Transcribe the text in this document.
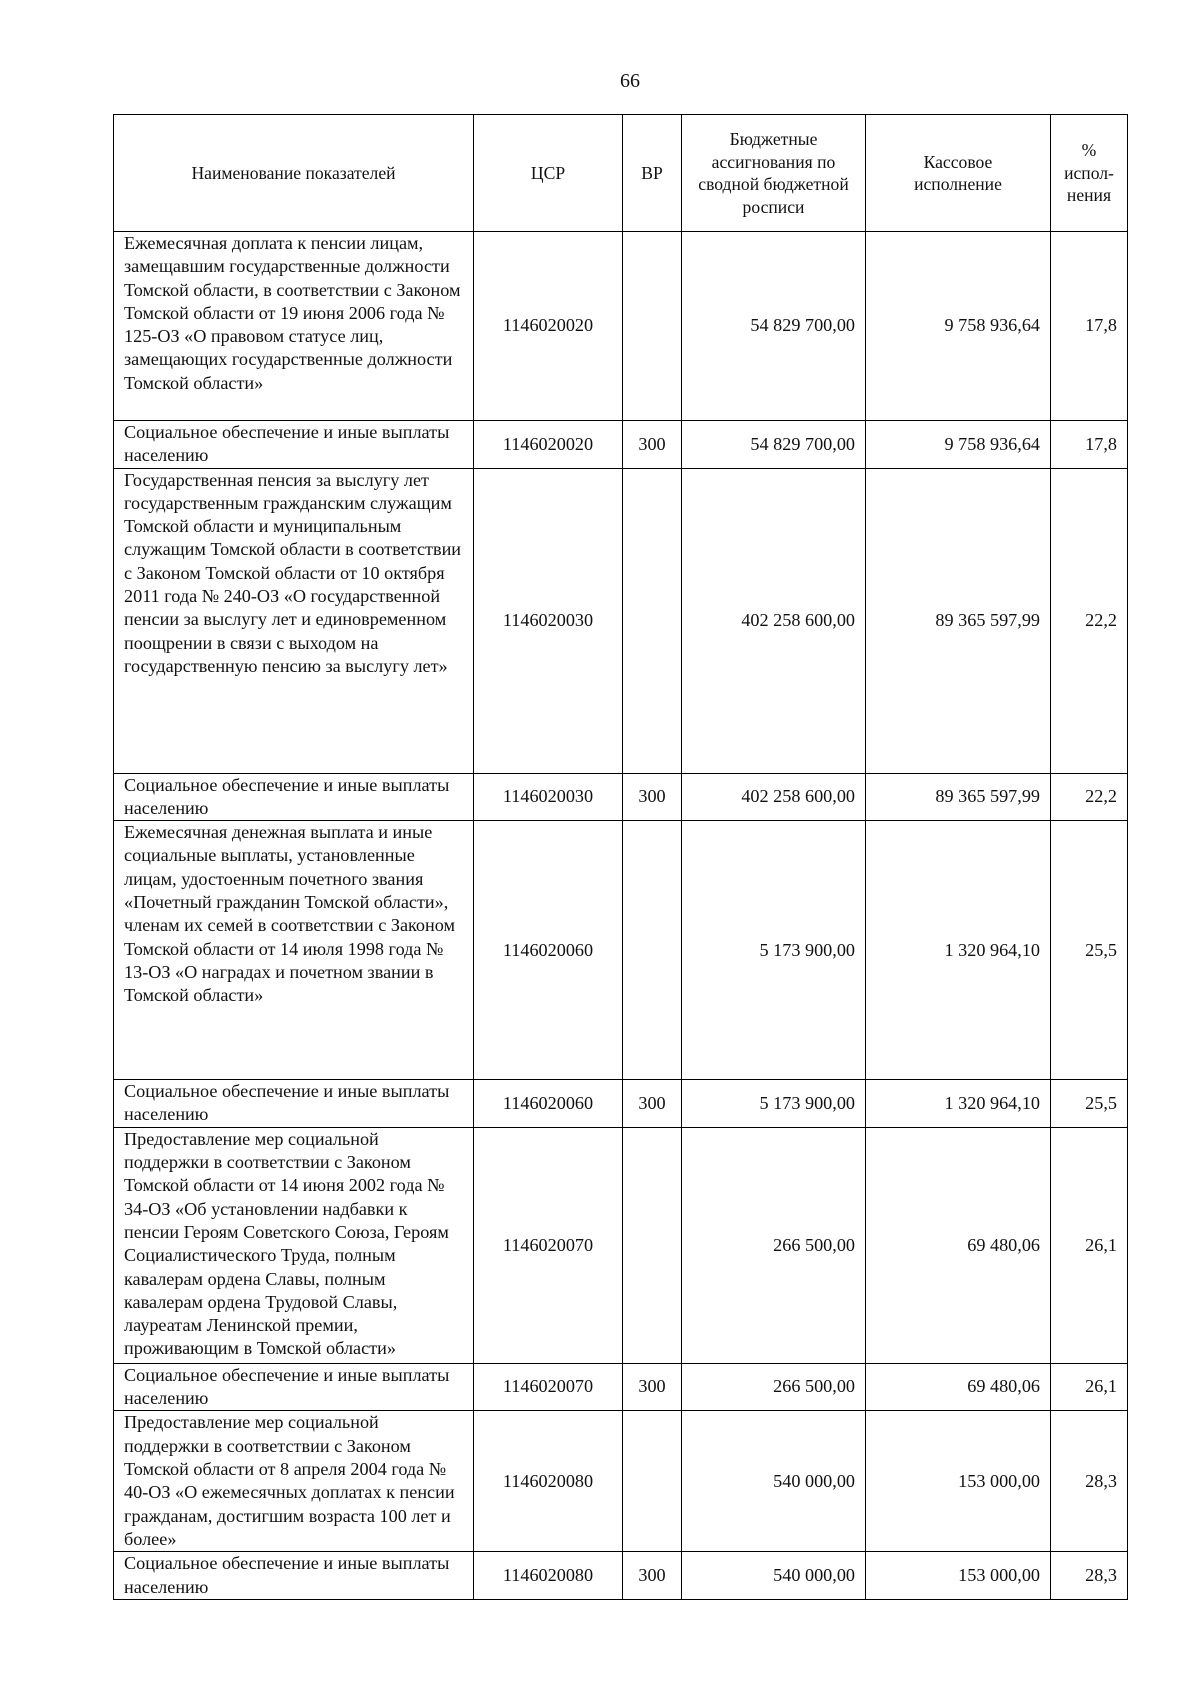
66
Наименование показателей	ЦСР	ВР	Бюджетные ассигнования по сводной бюджетной росписи	Кассовое исполнение	% испол-нения
Ежемесячная доплата к пенсии лицам, замещавшим государственные должности Томской области, в соответствии с Законом Томской области от 19 июня 2006 года № 125-ОЗ «О правовом статусе лиц, замещающих государственные должности Томской области»	1146020020		54 829 700,00	9 758 936,64	17,8
Социальное обеспечение и иные выплаты населению	1146020020	300	54 829 700,00	9 758 936,64	17,8
Государственная пенсия за выслугу лет государственным гражданским служащим Томской области и муниципальным служащим Томской области в соответствии с Законом Томской области от 10 октября 2011 года № 240-ОЗ «О государственной пенсии за выслугу лет и единовременном поощрении в связи с выходом на государственную пенсию за выслугу лет»	1146020030		402 258 600,00	89 365 597,99	22,2
Социальное обеспечение и иные выплаты населению	1146020030	300	402 258 600,00	89 365 597,99	22,2
Ежемесячная денежная выплата и иные социальные выплаты, установленные лицам, удостоенным почетного звания «Почетный гражданин Томской области», членам их семей в соответствии с Законом Томской области от 14 июля 1998 года № 13-ОЗ «О наградах и почетном звании в Томской области»	1146020060		5 173 900,00	1 320 964,10	25,5
Социальное обеспечение и иные выплаты населению	1146020060	300	5 173 900,00	1 320 964,10	25,5
Предоставление мер социальной поддержки в соответствии с Законом Томской области от 14 июня 2002 года № 34-ОЗ «Об установлении надбавки к пенсии Героям Советского Союза, Героям Социалистического Труда, полным кавалерам ордена Славы, полным кавалерам ордена Трудовой Славы, лауреатам Ленинской премии, проживающим в Томской области»	1146020070		266 500,00	69 480,06	26,1
Социальное обеспечение и иные выплаты населению	1146020070	300	266 500,00	69 480,06	26,1
Предоставление мер социальной поддержки в соответствии с Законом Томской области от 8 апреля 2004 года № 40-ОЗ «О ежемесячных доплатах к пенсии гражданам, достигшим возраста 100 лет и более»	1146020080		540 000,00	153 000,00	28,3
Социальное обеспечение и иные выплаты населению	1146020080	300	540 000,00	153 000,00	28,3
